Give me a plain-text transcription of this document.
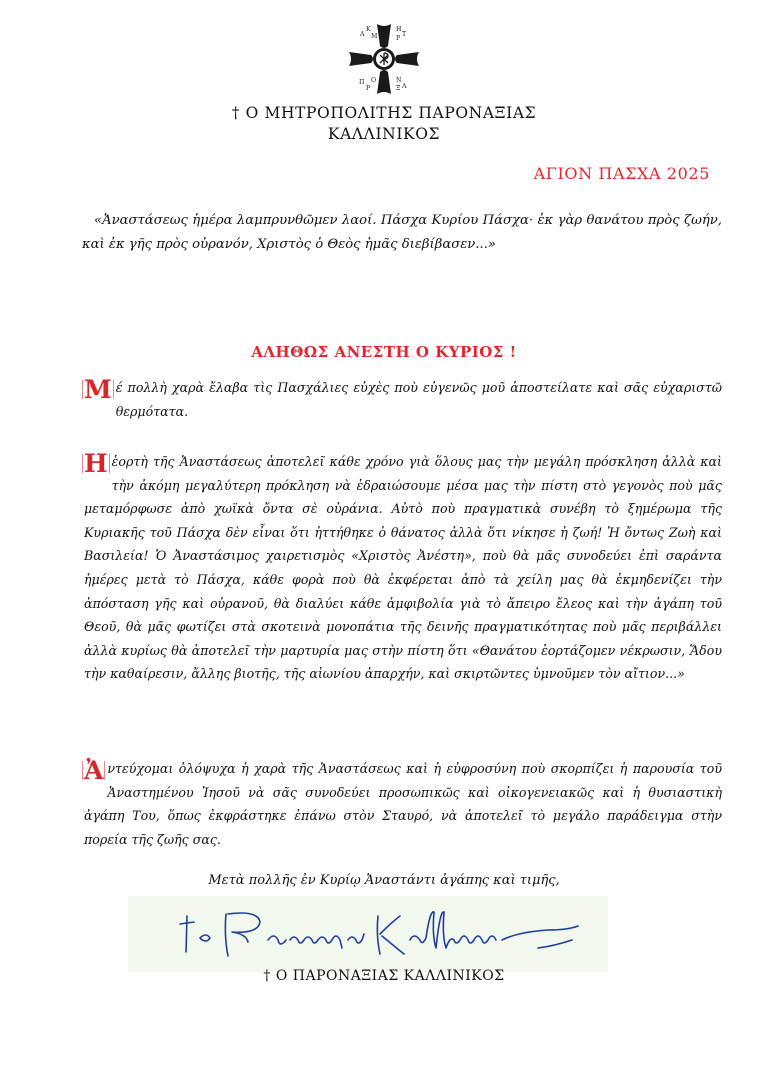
Α
Κ
Μ
Η
Τ
Ρ
Π
Ρ
Ο	Ν
Α
Ξ
† Ο ΜΗΤΡΟΠΟΛΙΤΗΣ ΠΑΡΟΝΑΞΙΑΣ
ΚΑΛΛΙΝΙΚΟΣ
ΑΓΙΟΝ ΠΑΣΧΑ 2025
«Ἀναστάσεως ἡμέρα λαμπρυνθῶμεν λαοί. Πάσχα Κυρίου Πάσχα· ἐκ γὰρ θανάτου πρὸς ζωήν, καὶ ἐκ γῆς πρὸς οὐρανόν, Χριστὸς ὁ Θεὸς ἡμᾶς διεβίβασεν...»
ΑΛΗΘΩΣ ΑΝΕΣΤΗ Ο ΚΥΡΙΟΣ !
Μέ πολλὴ χαρὰ ἔλαβα τὶς Πασχάλιες εὐχὲς ποὺ εὐγενῶς μοῦ ἀποστείλατε καὶ σᾶς εὐχαριστῶ θερμότατα.
Η ἑορτὴ τῆς Ἀναστάσεως ἀποτελεῖ κάθε χρόνο γιὰ ὅλους μας τὴν μεγάλη πρόσκληση ἀλλὰ καὶ τὴν ἀκόμη μεγαλύτερη πρόκληση νὰ ἑδραιώσουμε μέσα μας τὴν πίστη στὸ γεγονὸς ποὺ μᾶς μεταμόρφωσε ἀπὸ χωϊκὰ ὄντα σὲ οὐράνια. Αὐτὸ ποὺ πραγματικὰ συνέβη τὸ ξημέρωμα τῆς Κυριακῆς τοῦ Πάσχα δὲν εἶναι ὅτι ἡττήθηκε ὁ θάνατος ἀλλὰ ὅτι νίκησε ἡ ζωή! Ἡ ὄντως Ζωὴ καὶ Βασιλεία! Ὁ Ἀναστάσιμος χαιρετισμὸς «Χριστὸς Ἀνέστη», ποὺ θὰ μᾶς συνοδεύει ἐπὶ σαράντα ἡμέρες μετὰ τὸ Πάσχα, κάθε φορὰ ποὺ θὰ ἐκφέρεται ἀπὸ τὰ χείλη μας θὰ ἐκμηδενίζει τὴν ἀπόσταση γῆς καὶ οὐρανοῦ, θὰ διαλύει κάθε ἀμφιβολία γιὰ τὸ ἄπειρο ἔλεος καὶ τὴν ἀγάπη τοῦ Θεοῦ, θὰ μᾶς φωτίζει στὰ σκοτεινὰ μονοπάτια τῆς δεινῆς πραγματικότητας ποὺ μᾶς περιβάλλει ἀλλὰ κυρίως θὰ ἀποτελεῖ τὴν μαρτυρία μας στὴν πίστη ὅτι «Θανάτου ἑορτάζομεν νέκρωσιν, Ἅδου τὴν καθαίρεσιν, ἄλλης βιοτῆς, τῆς αἰωνίου ἀπαρχήν, καὶ σκιρτῶντες ὑμνοῦμεν τὸν αἴτιον...»
Ἀντεύχομαι ὁλόψυχα ἡ χαρὰ τῆς Ἀναστάσεως καὶ ἡ εὐφροσύνη ποὺ σκορπίζει ἡ παρουσία τοῦ Ἀναστημένου Ἰησοῦ νὰ σᾶς συνοδεύει προσωπικῶς καὶ οἰκογενειακῶς καὶ ἡ θυσιαστικὴ ἀγάπη Του, ὅπως ἐκφράστηκε ἐπάνω στὸν Σταυρό, νὰ ἀποτελεῖ τὸ μεγάλο παράδειγμα στὴν πορεία τῆς ζωῆς σας.
Μετὰ πολλῆς ἐν Κυρίῳ Ἀναστάντι ἀγάπης καὶ τιμῆς,
† Ο ΠΑΡΟΝΑΞΙΑΣ ΚΑΛΛΙΝΙΚΟΣ
